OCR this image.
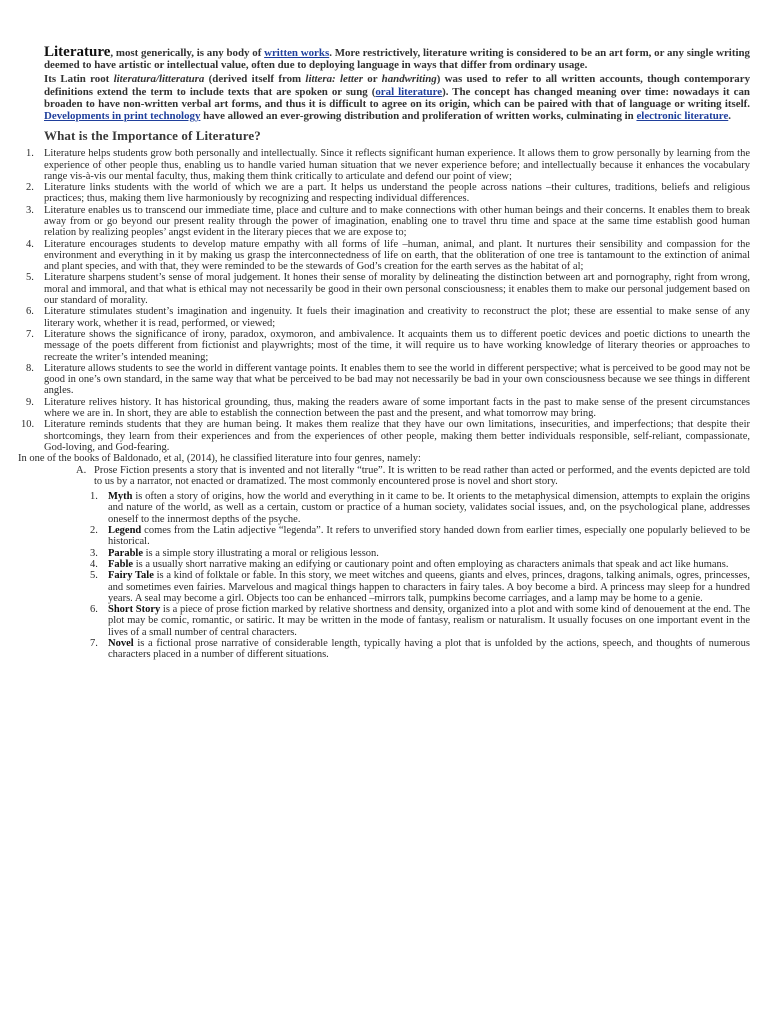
Literature, most generically, is any body of written works. More restrictively, literature writing is considered to be an art form, or any single writing deemed to have artistic or intellectual value, often due to deploying language in ways that differ from ordinary usage.

Its Latin root literatura/litteratura (derived itself from littera: letter or handwriting) was used to refer to all written accounts, though contemporary definitions extend the term to include texts that are spoken or sung (oral literature). The concept has changed meaning over time: nowadays it can broaden to have non-written verbal art forms, and thus it is difficult to agree on its origin, which can be paired with that of language or writing itself. Developments in print technology have allowed an ever-growing distribution and proliferation of written works, culminating in electronic literature.

What is the Importance of Literature?
1. Literature helps students grow both personally and intellectually. Since it reflects significant human experience. It allows them to grow personally by learning from the experience of other people thus, enabling us to handle varied human situation that we never experience before; and intellectually because it enhances the vocabulary range vis-à-vis our mental faculty, thus, making them think critically to articulate and defend our point of view;
2. Literature links students with the world of which we are a part. It helps us understand the people across nations –their cultures, traditions, beliefs and religious practices; thus, making them live harmoniously by recognizing and respecting individual differences.
3. Literature enables us to transcend our immediate time, place and culture and to make connections with other human beings and their concerns. It enables them to break away from or go beyond our present reality through the power of imagination, enabling one to travel thru time and space at the same time establish good human relation by realizing peoples’ angst evident in the literary pieces that we are expose to;
4. Literature encourages students to develop mature empathy with all forms of life –human, animal, and plant. It nurtures their sensibility and compassion for the environment and everything in it by making us grasp the interconnectedness of life on earth, that the obliteration of one tree is tantamount to the extinction of animal and plant species, and with that, they were reminded to be the stewards of God’s creation for the earth serves as the habitat of al;
5. Literature sharpens student’s sense of moral judgement. It hones their sense of morality by delineating the distinction between art and pornography, right from wrong, moral and immoral, and that what is ethical may not necessarily be good in their own personal consciousness; it enables them to make our personal judgement based on our standard of morality.
6. Literature stimulates student’s imagination and ingenuity. It fuels their imagination and creativity to reconstruct the plot; these are essential to make sense of any literary work, whether it is read, performed, or viewed;
7. Literature shows the significance of irony, paradox, oxymoron, and ambivalence. It acquaints them us to different poetic devices and poetic dictions to unearth the message of the poets different from fictionist and playwrights; most of the time, it will require us to have working knowledge of literary theories or approaches to recreate the writer’s intended meaning;
8. Literature allows students to see the world in different vantage points. It enables them to see the world in different perspective; what is perceived to be good may not be good in one’s own standard, in the same way that what be perceived to be bad may not necessarily be bad in your own consciousness because we see things in different angles.
9. Literature relives history. It has historical grounding, thus, making the readers aware of some important facts in the past to make sense of the present circumstances where we are in. In short, they are able to establish the connection between the past and the present, and what tomorrow may bring.
10. Literature reminds students that they are human being. It makes them realize that they have our own limitations, insecurities, and imperfections; that despite their shortcomings, they learn from their experiences and from the experiences of other people, making them better individuals responsible, self-reliant, compassionate, God-loving, and God-fearing.

In one of the books of Baldonado, et al, (2014), he classified literature into four genres, namely:

A. Prose Fiction presents a story that is invented and not literally “true”. It is written to be read rather than acted or performed, and the events depicted are told to us by a narrator, not enacted or dramatized. The most commonly encountered prose is novel and short story.

1. Myth is often a story of origins, how the world and everything in it came to be. It orients to the metaphysical dimension, attempts to explain the origins and nature of the world, as well as a certain, custom or practice of a human society, validates social issues, and, on the psychological plane, addresses oneself to the innermost depths of the psyche.
2. Legend comes from the Latin adjective “legenda”. It refers to unverified story handed down from earlier times, especially one popularly believed to be historical.
3. Parable is a simple story illustrating a moral or religious lesson.
4. Fable is a usually short narrative making an edifying or cautionary point and often employing as characters animals that speak and act like humans.
5. Fairy Tale is a kind of folktale or fable. In this story, we meet witches and queens, giants and elves, princes, dragons, talking animals, ogres, princesses, and sometimes even fairies. Marvelous and magical things happen to characters in fairy tales. A boy become a bird. A princess may sleep for a hundred years. A seal may become a girl. Objects too can be enhanced –mirrors talk, pumpkins become carriages, and a lamp may be home to a genie.
6. Short Story is a piece of prose fiction marked by relative shortness and density, organized into a plot and with some kind of denouement at the end. The plot may be comic, romantic, or satiric. It may be written in the mode of fantasy, realism or naturalism. It usually focuses on one important event in the lives of a small number of central characters.
7. Novel is a fictional prose narrative of considerable length, typically having a plot that is unfolded by the actions, speech, and thoughts of numerous characters placed in a number of different situations.
